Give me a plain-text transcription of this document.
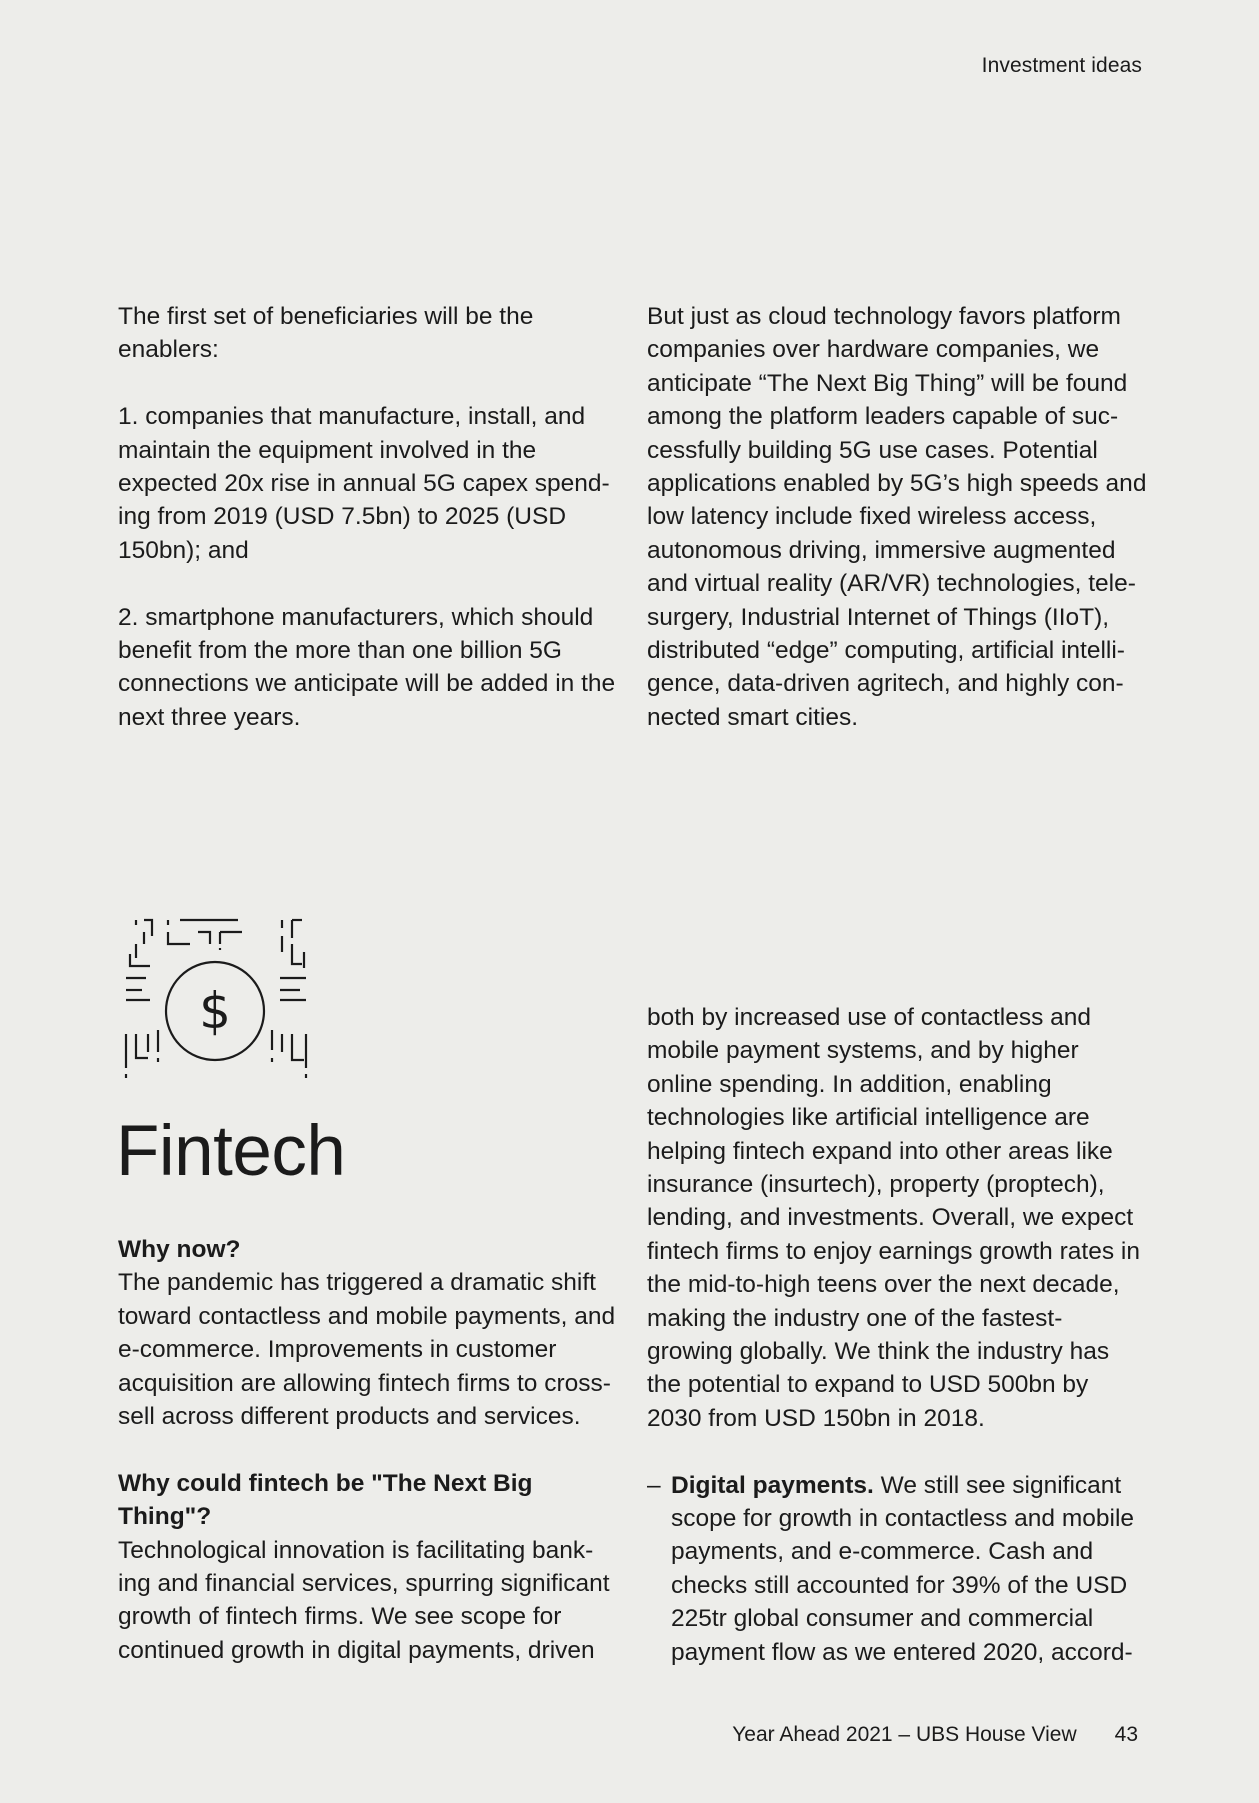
Investment ideas

The first set of beneficiaries will be the enablers:

1. companies that manufacture, install, and maintain the equipment involved in the expected 20x rise in annual 5G capex spend-ing from 2019 (USD 7.5bn) to 2025 (USD 150bn); and

2. smartphone manufacturers, which should benefit from the more than one billion 5G connections we anticipate will be added in the next three years.

But just as cloud technology favors platform companies over hardware companies, we anticipate “The Next Big Thing” will be found among the platform leaders capable of suc-cessfully building 5G use cases. Potential applications enabled by 5G’s high speeds and low latency include fixed wireless access, autonomous driving, immersive augmented and virtual reality (AR/VR) technologies, tele-surgery, Industrial Internet of Things (IIoT), distributed “edge” computing, artificial intelli-gence, data-driven agritech, and highly con-nected smart cities.

$
Fintech
Why now?

The pandemic has triggered a dramatic shift toward contactless and mobile payments, and e-commerce. Improvements in customer acquisition are allowing fintech firms to cross-sell across different products and services.

Why could fintech be "The Next Big Thing"?

Technological innovation is facilitating bank-ing and financial services, spurring significant growth of fintech firms. We see scope for continued growth in digital payments, driven

both by increased use of contactless and mobile payment systems, and by higher online spending. In addition, enabling technologies like artificial intelligence are helping fintech expand into other areas like insurance (insurtech), property (proptech), lending, and investments. Overall, we expect fintech firms to enjoy earnings growth rates in the mid-to-high teens over the next decade, making the industry one of the fastest-growing globally. We think the industry has the potential to expand to USD 500bn by 2030 from USD 150bn in 2018.

– Digital payments. We still see significant scope for growth in contactless and mobile payments, and e-commerce. Cash and checks still accounted for 39% of the USD 225tr global consumer and commercial payment flow as we entered 2020, accord-
Year Ahead 2021 – UBS House View 43
